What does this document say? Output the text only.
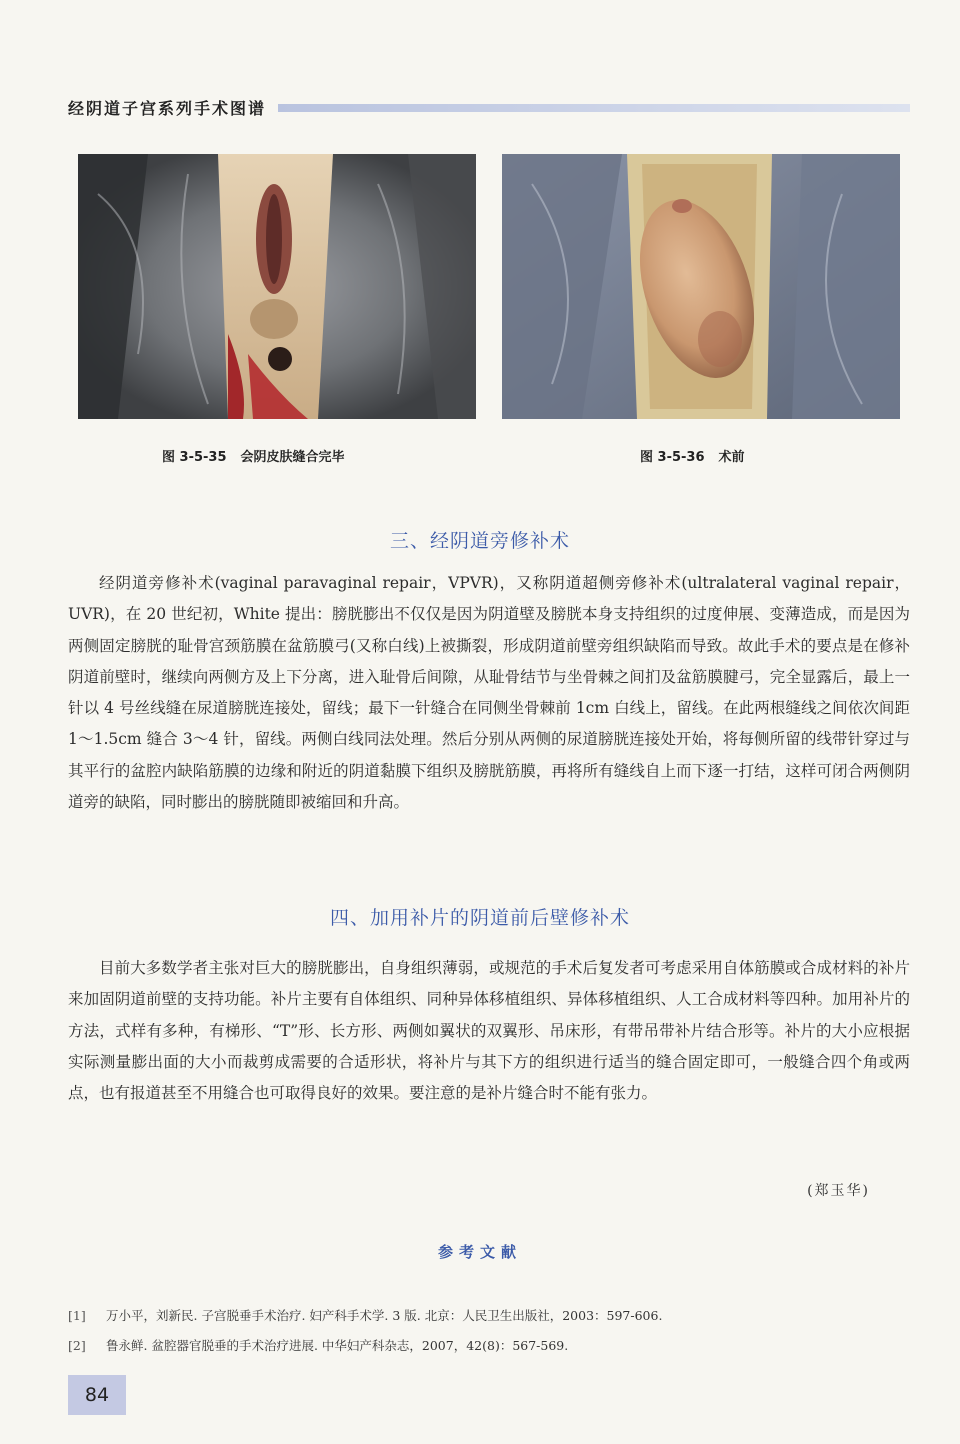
经阴道子宫系列手术图谱
图 3-5-35 会阴皮肤缝合完毕	图 3-5-36 术前
三、经阴道旁修补术

经阴道旁修补术(vaginal paravaginal repair，VPVR)，又称阴道超侧旁修补术(ultralateral vaginal repair，UVR)，在 20 世纪初，White 提出：膀胱膨出不仅仅是因为阴道壁及膀胱本身支持组织的过度伸展、变薄造成，而是因为两侧固定膀胱的耻骨宫颈筋膜在盆筋膜弓(又称白线)上被撕裂，形成阴道前壁旁组织缺陷而导致。故此手术的要点是在修补阴道前壁时，继续向两侧方及上下分离，进入耻骨后间隙，从耻骨结节与坐骨棘之间扪及盆筋膜腱弓，完全显露后，最上一针以 4 号丝线缝在尿道膀胱连接处，留线；最下一针缝合在同侧坐骨棘前 1cm 白线上，留线。在此两根缝线之间依次间距 1～1.5cm 缝合 3～4 针，留线。两侧白线同法处理。然后分别从两侧的尿道膀胱连接处开始，将每侧所留的线带针穿过与其平行的盆腔内缺陷筋膜的边缘和附近的阴道黏膜下组织及膀胱筋膜，再将所有缝线自上而下逐一打结，这样可闭合两侧阴道旁的缺陷，同时膨出的膀胱随即被缩回和升高。

四、加用补片的阴道前后壁修补术

目前大多数学者主张对巨大的膀胱膨出，自身组织薄弱，或规范的手术后复发者可考虑采用自体筋膜或合成材料的补片来加固阴道前壁的支持功能。补片主要有自体组织、同种异体移植组织、异体移植组织、人工合成材料等四种。加用补片的方法，式样有多种，有梯形、“T”形、长方形、两侧如翼状的双翼形、吊床形，有带吊带补片结合形等。补片的大小应根据实际测量膨出面的大小而裁剪成需要的合适形状，将补片与其下方的组织进行适当的缝合固定即可，一般缝合四个角或两点，也有报道甚至不用缝合也可取得良好的效果。要注意的是补片缝合时不能有张力。

(郑玉华)
参考文献
[1] 万小平，刘新民. 子宫脱垂手术治疗. 妇产科手术学. 3 版. 北京：人民卫生出版社，2003：597-606.
[2] 鲁永鲜. 盆腔器官脱垂的手术治疗进展. 中华妇产科杂志，2007，42(8)：567-569.
84
